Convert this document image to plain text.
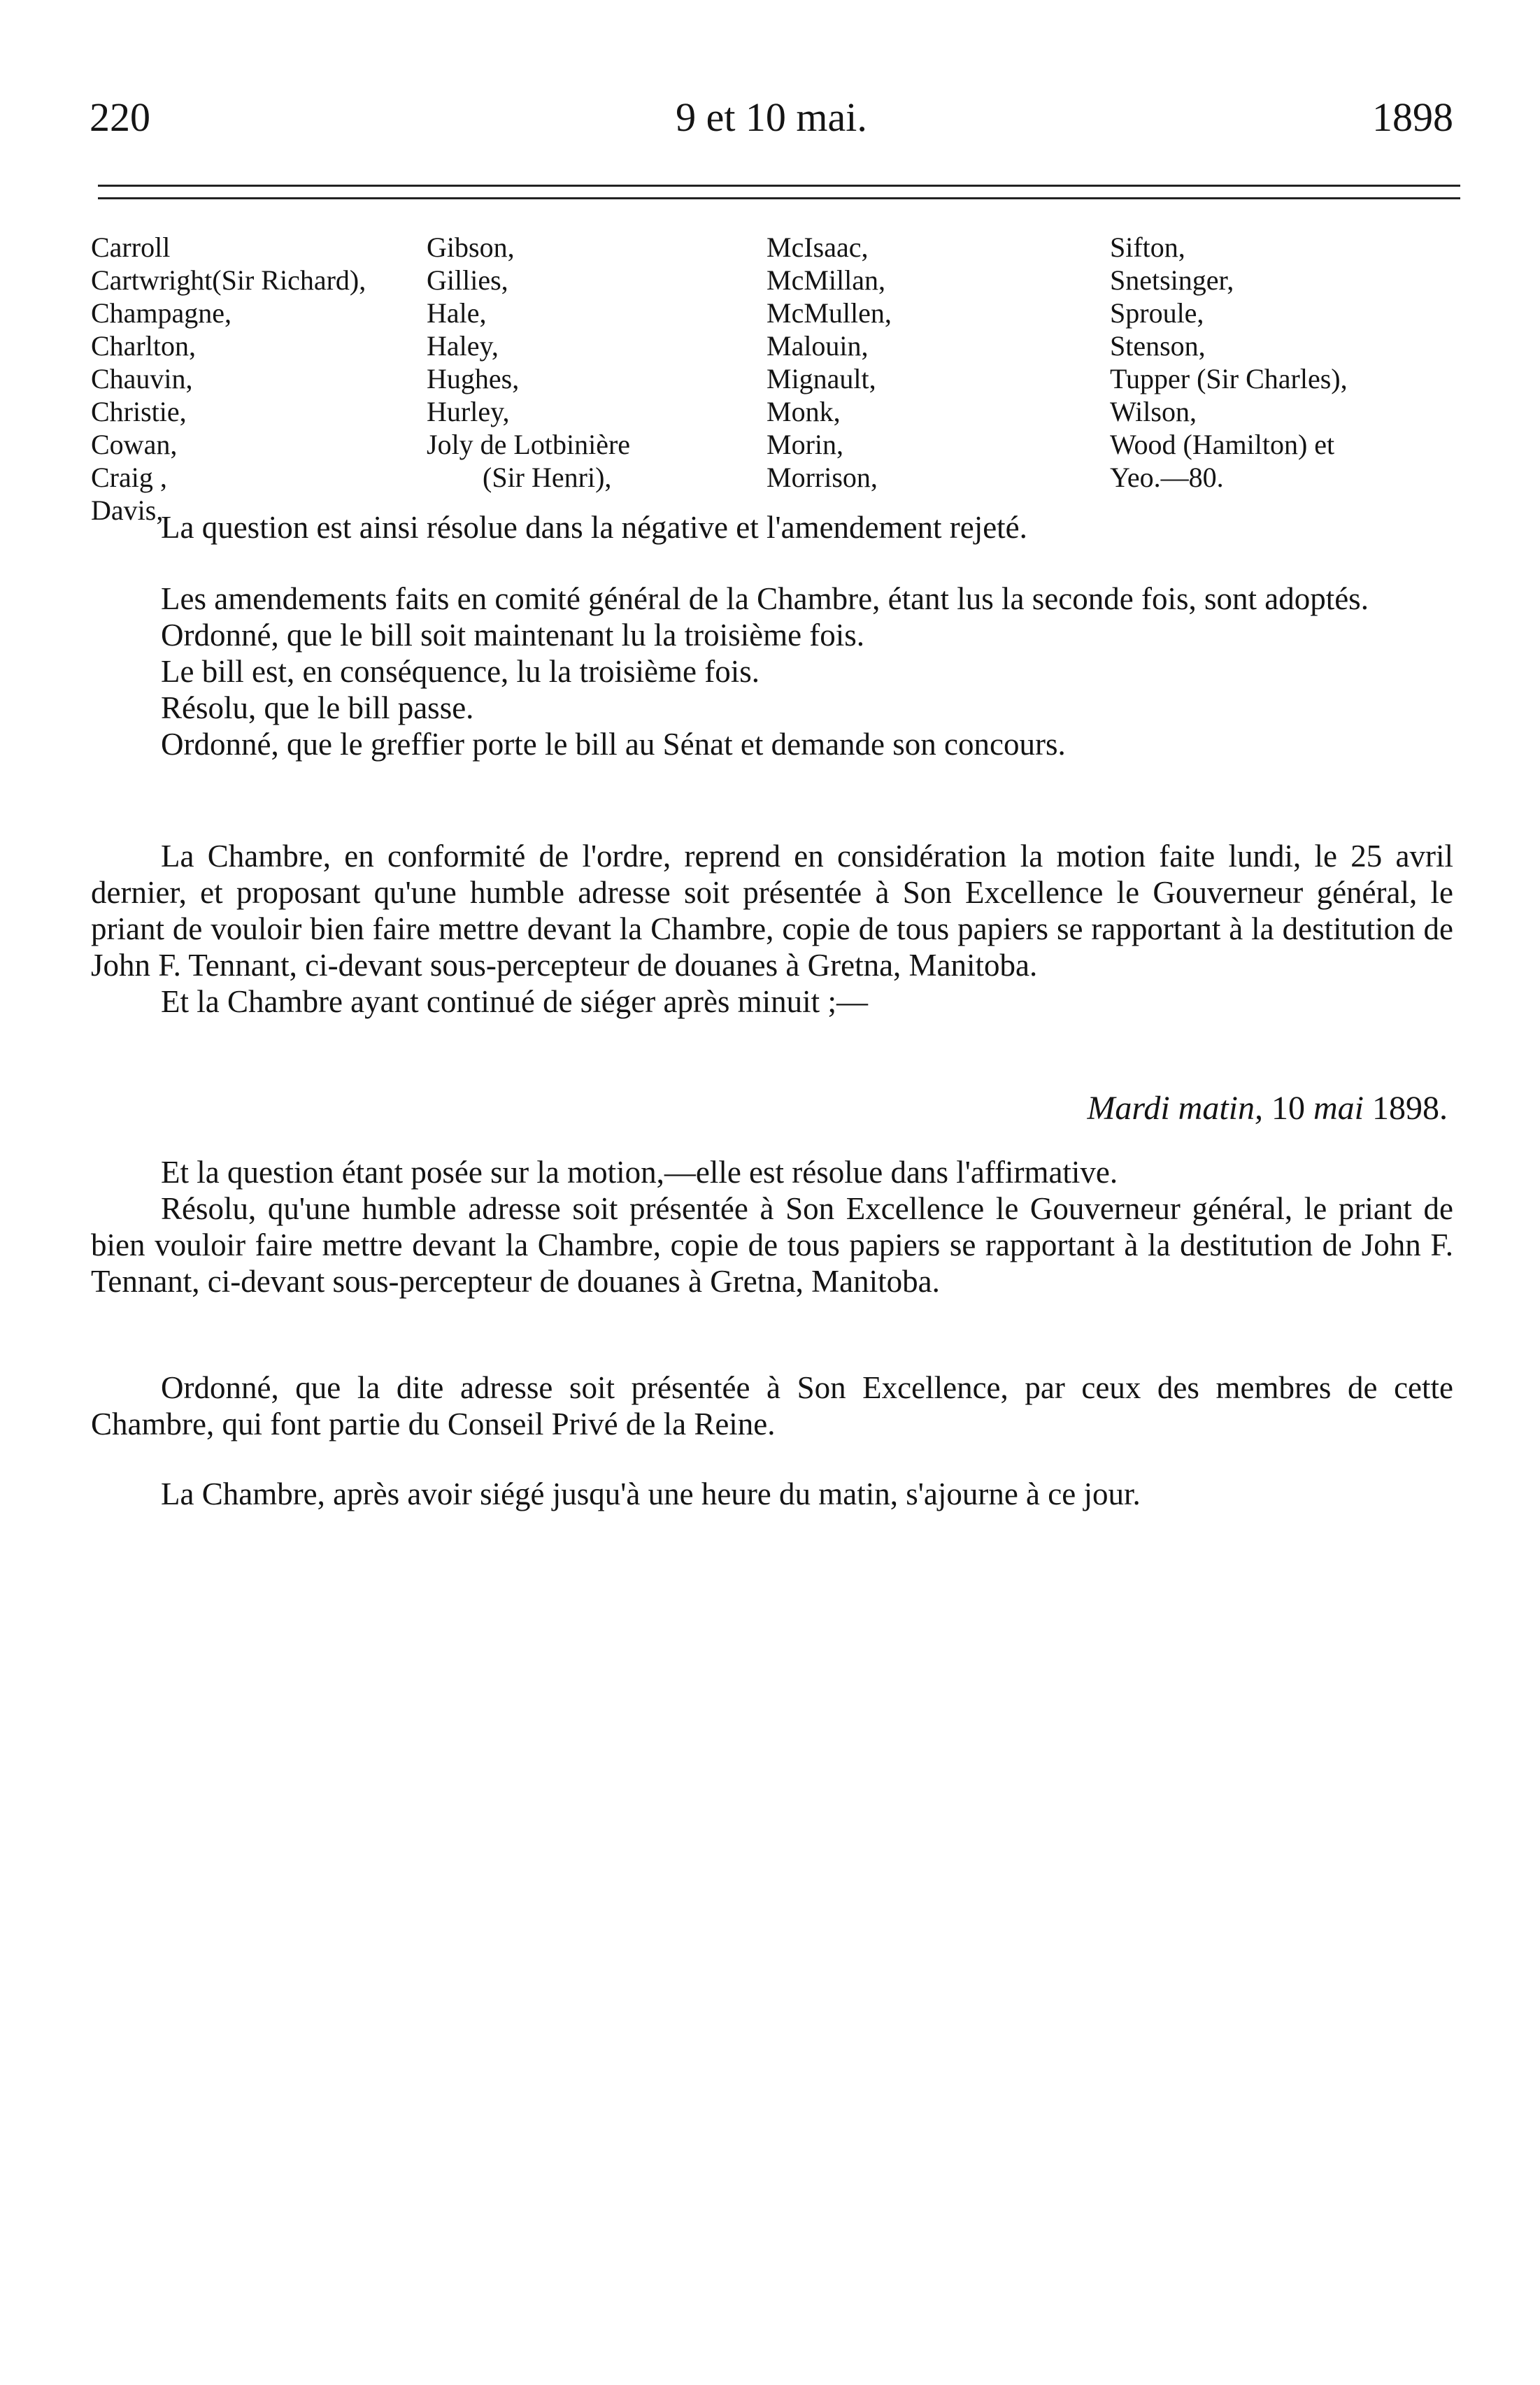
220	9 et 10 mai.	1898
Carroll
Cartwright(Sir Richard),
Champagne,
Charlton,
Chauvin,
Christie,
Cowan,
Craig ,
Davis,
Gibson,
Gillies,
Hale,
Haley,
Hughes,
Hurley,
Joly de Lotbinière
(Sir Henri),
McIsaac,
McMillan,
McMullen,
Malouin,
Mignault,
Monk,
Morin,
Morrison,
Sifton,
Snetsinger,
Sproule,
Stenson,
Tupper (Sir Charles),
Wilson,
Wood (Hamilton) et
Yeo.—80.

La question est ainsi résolue dans la négative et l'amendement rejeté.

Les amendements faits en comité général de la Chambre, étant lus la seconde fois, sont adoptés.

Ordonné, que le bill soit maintenant lu la troisième fois.

Le bill est, en conséquence, lu la troisième fois.

Résolu, que le bill passe.

Ordonné, que le greffier porte le bill au Sénat et demande son concours.

La Chambre, en conformité de l'ordre, reprend en considération la motion faite lundi, le 25 avril dernier, et proposant qu'une humble adresse soit présentée à Son Excellence le Gouverneur général, le priant de vouloir bien faire mettre devant la Chambre, copie de tous papiers se rapportant à la destitution de John F. Tennant, ci-devant sous-percepteur de douanes à Gretna, Manitoba.

Et la Chambre ayant continué de siéger après minuit ;—

Mardi matin, 10 mai 1898.

Et la question étant posée sur la motion,—elle est résolue dans l'affirmative.

Résolu, qu'une humble adresse soit présentée à Son Excellence le Gouverneur général, le priant de bien vouloir faire mettre devant la Chambre, copie de tous papiers se rapportant à la destitution de John F. Tennant, ci-devant sous-percepteur de douanes à Gretna, Manitoba.

Ordonné, que la dite adresse soit présentée à Son Excellence, par ceux des membres de cette Chambre, qui font partie du Conseil Privé de la Reine.

La Chambre, après avoir siégé jusqu'à une heure du matin, s'ajourne à ce jour.
